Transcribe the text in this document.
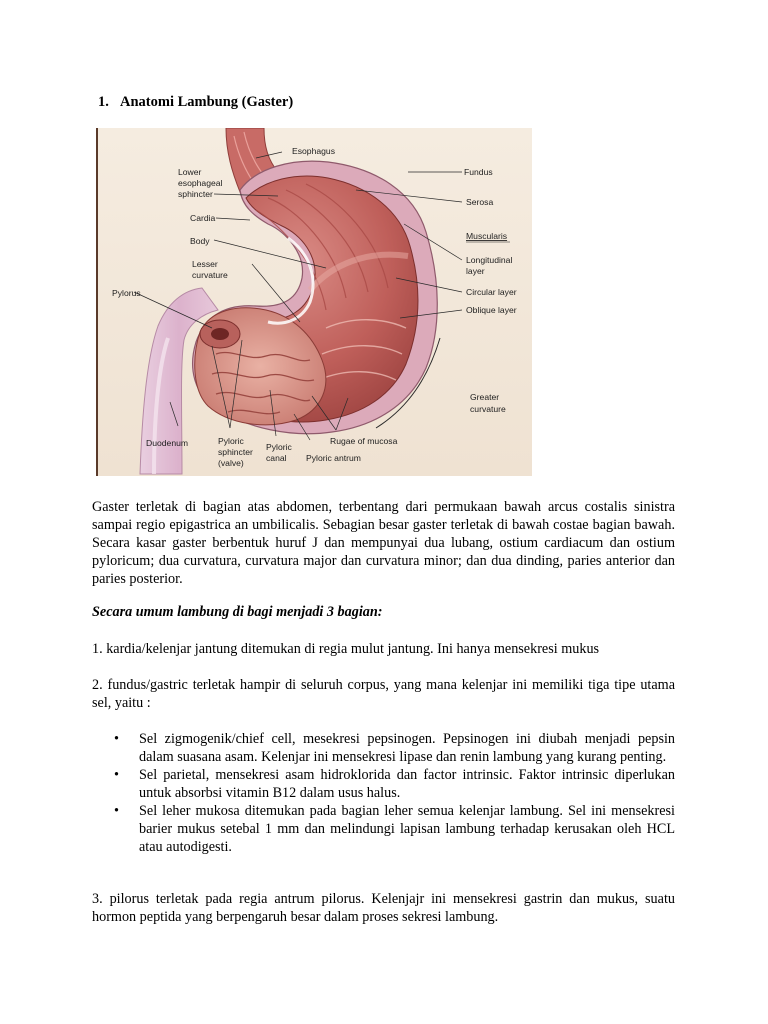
1. Anatomi Lambung (Gaster)
Esophagus
Fundus
Lower
esophageal
sphincter
Serosa
Cardia
Muscularis
Body
Lesser
curvature
Longitudinal
layer
Circular layer
Pylorus
Oblique layer
Greater
curvature
Duodenum	Pyloric
sphincter
(valve)
Pyloric
canal
Rugae of mucosa
Pyloric antrum

Gaster terletak di bagian atas abdomen, terbentang dari permukaan bawah arcus costalis sinistra sampai regio epigastrica an umbilicalis. Sebagian besar gaster terletak di bawah costae bagian bawah. Secara kasar gaster berbentuk huruf J dan mempunyai dua lubang, ostium cardiacum dan ostium pyloricum; dua curvatura, curvatura major dan curvatura minor; dan dua dinding, paries anterior dan paries posterior.

Secara umum lambung di bagi menjadi 3 bagian:

1. kardia/kelenjar jantung ditemukan di regia mulut jantung. Ini hanya mensekresi mukus

2. fundus/gastric terletak hampir di seluruh corpus, yang mana kelenjar ini memiliki tiga tipe utama sel, yaitu :

• Sel zigmogenik/chief cell, mesekresi pepsinogen. Pepsinogen ini diubah menjadi pepsin dalam suasana asam. Kelenjar ini mensekresi lipase dan renin lambung yang kurang penting.
• Sel parietal, mensekresi asam hidroklorida dan factor intrinsic. Faktor intrinsic diperlukan untuk absorbsi vitamin B12 dalam usus halus.
• Sel leher mukosa ditemukan pada bagian leher semua kelenjar lambung. Sel ini mensekresi barier mukus setebal 1 mm dan melindungi lapisan lambung terhadap kerusakan oleh HCL atau autodigesti.

3. pilorus terletak pada regia antrum pilorus. Kelenjajr ini mensekresi gastrin dan mukus, suatu hormon peptida yang berpengaruh besar dalam proses sekresi lambung.
